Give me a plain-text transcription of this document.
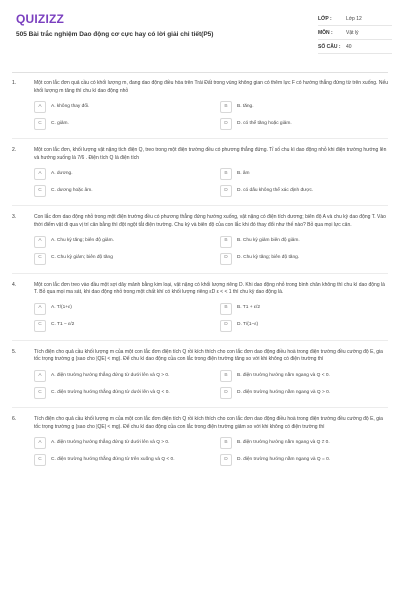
QUIZIZZ
505 Bài trắc nghiệm Dao động cơ cực hay có lời giải chi tiết(P5)
LỚP :	Lớp 12
MÔN :	Vật lý
SỐ CÂU :	40
1.	Một con lắc đơn quả cầu có khối lượng m, đang dao động điều hòa trên Trái Đất trong vùng không gian có thêm lực F có hướng thẳng đứng từ trên xuống. Nếu khối lượng m tăng thì chu kì dao động nhỏ
A	A. không thay đổi.	B	B. tăng.
C	C. giảm.	D	D. có thể tăng hoặc giảm.
2.	Một con lắc đơn, khối lượng vật nặng tích điện Q, treo trong một điện trường đều có phương thẳng đứng. Tỉ số chu kì dao động nhỏ khi điện trường hướng lên và hướng xuống là 7/6 . Điện tích Q là điện tích
A	A. dương.	B	B. âm
C	C. dương hoặc âm.	D	D. có dấu không thể xác định được.
3.	Con lắc đơn dao động nhỏ trong một điện trường đều có phương thẳng đứng hướng xuống, vật nặng có điện tích dương; biên độ A và chu kỳ dao động T. Vào thời điểm vật đi qua vị trí cân bằng thì đột ngột tắt điện trường. Chu kỳ và biên độ của con lắc khi đó thay đổi như thế nào? Bỏ qua mọi lực cản.
A	A. Chu kỳ tăng; biên độ giảm.	B	B. Chu kỳ giảm biên độ giảm.
C	C. Chu kỳ giảm; biên độ tăng	D	D. Chu kỳ tăng; biên độ tăng.
4.	Một con lắc đơn treo vào đầu một sợi dây mảnh bằng kim loại, vật nặng có khối lượng riêng D. Khi dao động nhỏ trong bình chân không thì chu kì dao động là T. Bỏ qua mọi ma sát, khi dao động nhỏ trong một chất khí có khối lượng riêng εD ε < < 1 thì chu kỳ dao động là.
A	A. T/(1+ε)	B	B. T1 + ε/2
C	C. T1 − ε/2	D	D. T/(1−ε)
5.	Tích điện cho quả cầu khối lượng m của một con lắc đơn điện tích Q rồi kích thích cho con lắc đơn dao động điều hoà trong điện trường đều cường độ E, gia tốc trọng trường g (sao cho |QE| < mg). Để chu kì dao động của con lắc trong điện trường tăng so với khi không có điện trường thì
A	A. điện trường hướng thẳng đứng từ dưới lên và Q > 0.	B	B. điện trường hướng nằm ngang và Q < 0.
C	C. điện trường hướng thẳng đứng từ dưới lên và Q < 0.	D	D. điện trường hướng nằm ngang và Q > 0.
6.	Tích điện cho quả cầu khối lượng m của một con lắc đơn điện tích Q rồi kích thích cho con lắc đơn dao động điều hoà trong điện trường đều cường độ E, gia tốc trọng trường g (sao cho |QE| < mg). Để chu kì dao động của con lắc trong điện trường giảm so với khi không có điện trường thì
A	A. điện trường hướng thẳng đứng từ dưới lên và Q > 0.	B	B. điện trường hướng nằm ngang và Q ≠ 0.
C	C. điện trường hướng thẳng đứng từ trên xuống và Q < 0.	D	D. điện trường hướng nằm ngang và Q = 0.
